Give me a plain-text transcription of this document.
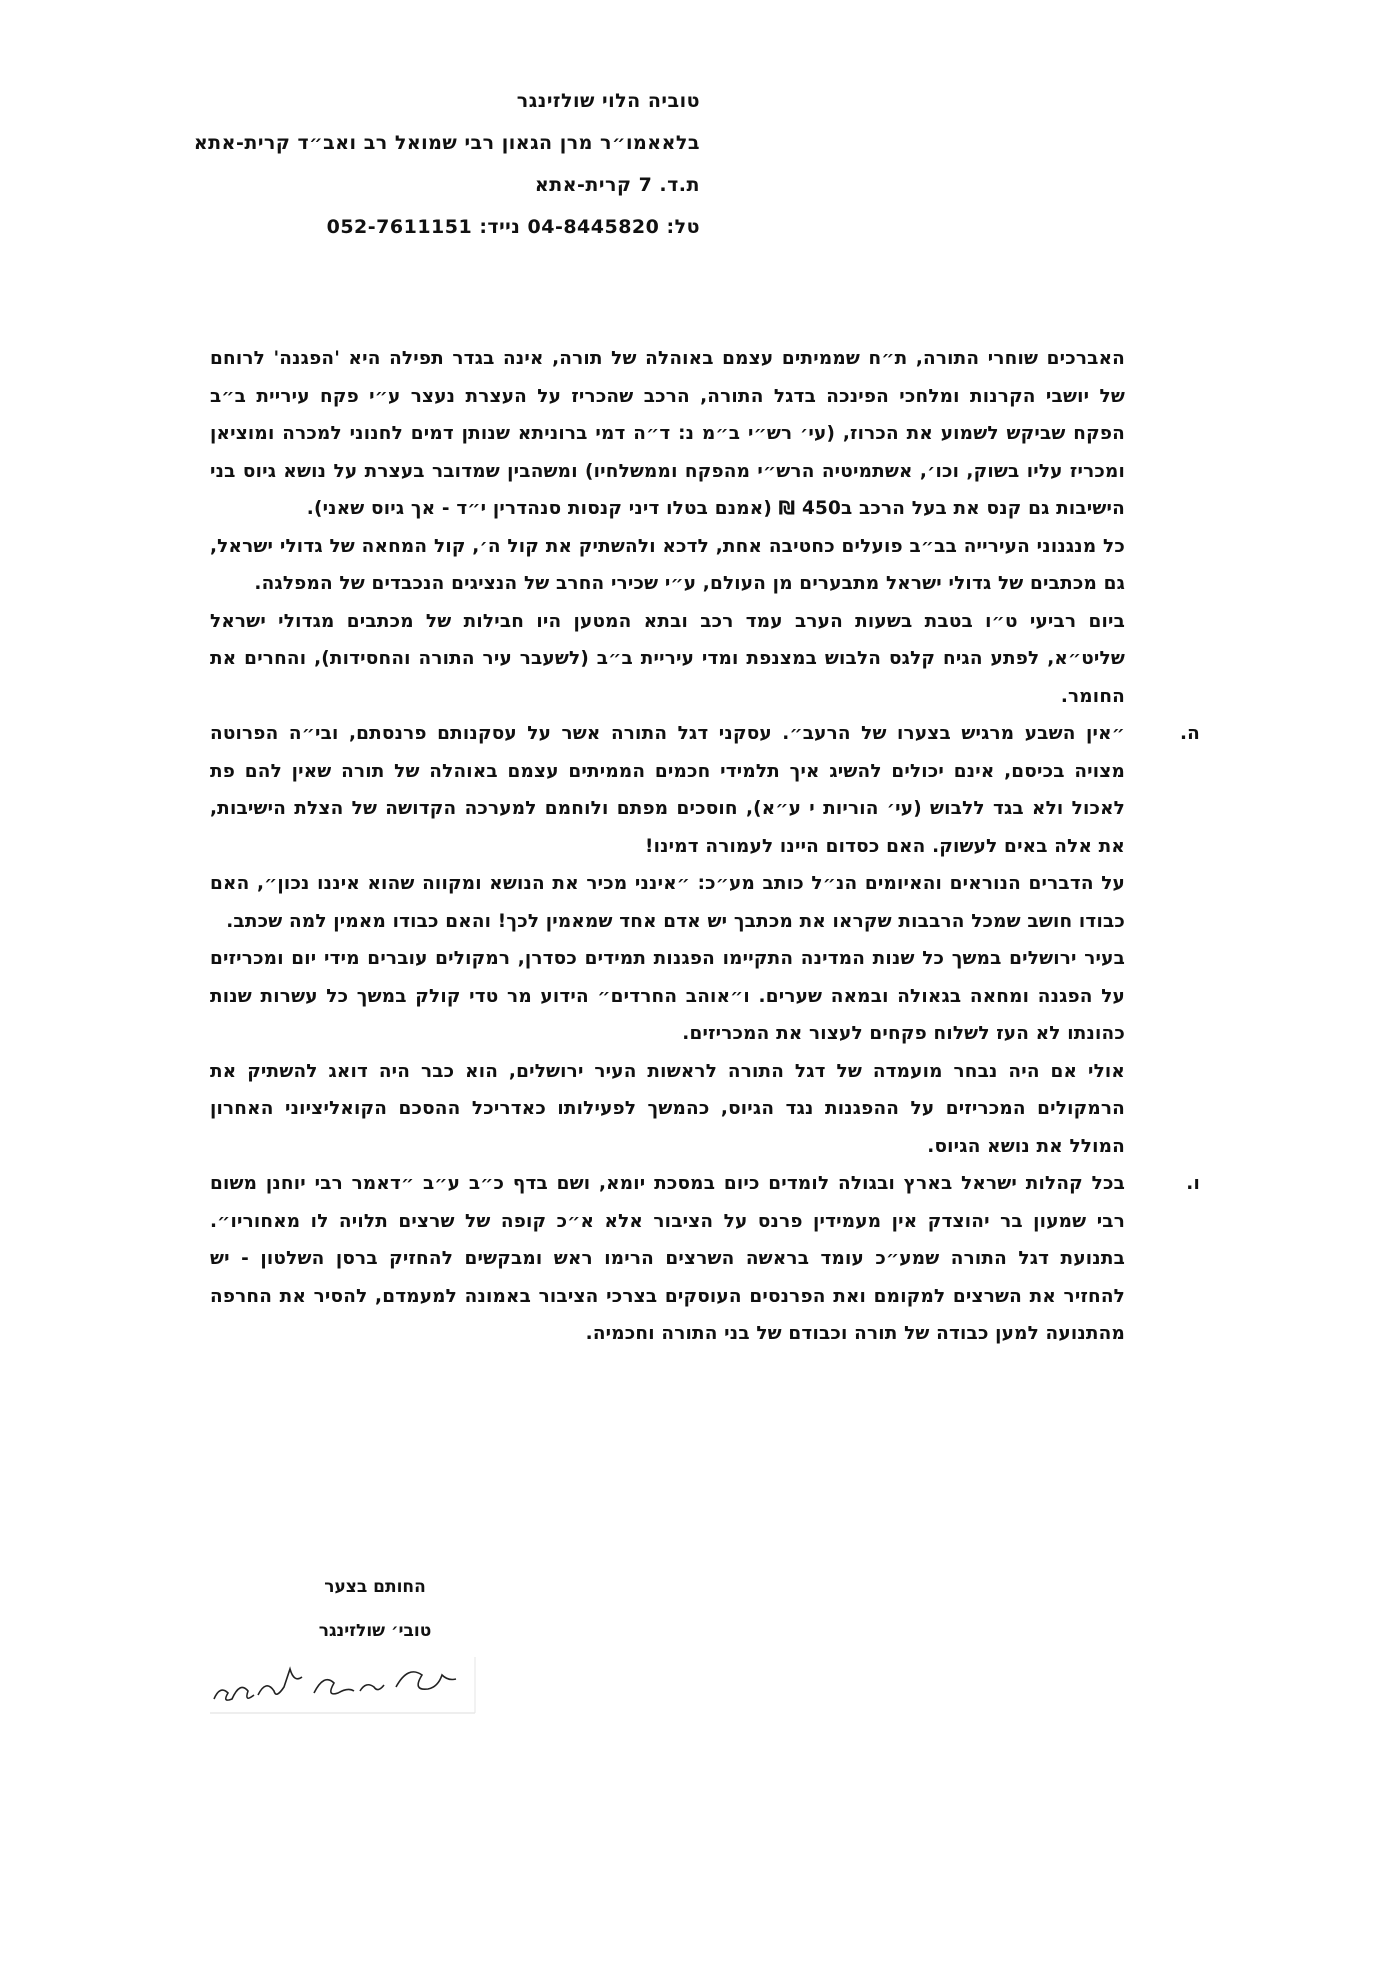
טוביה הלוי שולזינגר
בלאאמו״ר מרן הגאון רבי שמואל רב ואב״ד קרית-אתא
ת.ד. 7 קרית-אתא
טל: 04-8445820 נייד: 052-7611151

האברכים שוחרי התורה, ת״ח שממיתים עצמם באוהלה של תורה, אינה בגדר תפילה היא 'הפגנה' לרוחם של יושבי הקרנות ומלחכי הפינכה בדגל התורה, הרכב שהכריז על העצרת נעצר ע״י פקח עיריית ב״ב הפקח שביקש לשמוע את הכרוז, (עי׳ רש״י ב״מ נ: ד״ה דמי ברוניתא שנותן דמים לחנוני למכרה ומוציאן ומכריז עליו בשוק, וכו׳, אשתמיטיה הרש״י מהפקח וממשלחיו) ומשהבין שמדובר בעצרת על נושא גיוס בני הישיבות גם קנס את בעל הרכב ב450 ₪ (אמנם בטלו דיני קנסות סנהדרין י״ד - אך גיוס שאני).

כל מנגנוני העירייה בב״ב פועלים כחטיבה אחת, לדכא ולהשתיק את קול ה׳, קול המחאה של גדולי ישראל, גם מכתבים של גדולי ישראל מתבערים מן העולם, ע״י שכירי החרב של הנציגים הנכבדים של המפלגה.

ביום רביעי ט״ו בטבת בשעות הערב עמד רכב ובתא המטען היו חבילות של מכתבים מגדולי ישראל שליט״א, לפתע הגיח קלגס הלבוש במצנפת ומדי עיריית ב״ב (לשעבר עיר התורה והחסידות), והחרים את החומר.

ה.

״אין השבע מרגיש בצערו של הרעב״. עסקני דגל התורה אשר על עסקנותם פרנסתם, ובי״ה הפרוטה מצויה בכיסם, אינם יכולים להשיג איך תלמידי חכמים הממיתים עצמם באוהלה של תורה שאין להם פת לאכול ולא בגד ללבוש (עי׳ הוריות י ע״א), חוסכים מפתם ולוחמם למערכה הקדושה של הצלת הישיבות, את אלה באים לעשוק. האם כסדום היינו לעמורה דמינו!

על הדברים הנוראים והאיומים הנ״ל כותב מע״כ: ״אינני מכיר את הנושא ומקווה שהוא איננו נכון״, האם כבודו חושב שמכל הרבבות שקראו את מכתבך יש אדם אחד שמאמין לכך! והאם כבודו מאמין למה שכתב.

בעיר ירושלים במשך כל שנות המדינה התקיימו הפגנות תמידים כסדרן, רמקולים עוברים מידי יום ומכריזים על הפגנה ומחאה בגאולה ובמאה שערים. ו״אוהב החרדים״ הידוע מר טדי קולק במשך כל עשרות שנות כהונתו לא העז לשלוח פקחים לעצור את המכריזים.

אולי אם היה נבחר מועמדה של דגל התורה לראשות העיר ירושלים, הוא כבר היה דואג להשתיק את הרמקולים המכריזים על ההפגנות נגד הגיוס, כהמשך לפעילותו כאדריכל ההסכם הקואליציוני האחרון המולל את נושא הגיוס.

ו.

בכל קהלות ישראל בארץ ובגולה לומדים כיום במסכת יומא, ושם בדף כ״ב ע״ב ״דאמר רבי יוחנן משום רבי שמעון בר יהוצדק אין מעמידין פרנס על הציבור אלא א״כ קופה של שרצים תלויה לו מאחוריו״. בתנועת דגל התורה שמע״כ עומד בראשה השרצים הרימו ראש ומבקשים להחזיק ברסן השלטון - יש להחזיר את השרצים למקומם ואת הפרנסים העוסקים בצרכי הציבור באמונה למעמדם, להסיר את החרפה מהתנועה למען כבודה של תורה וכבודם של בני התורה וחכמיה.

החותם בצער
טובי׳ שולזינגר
